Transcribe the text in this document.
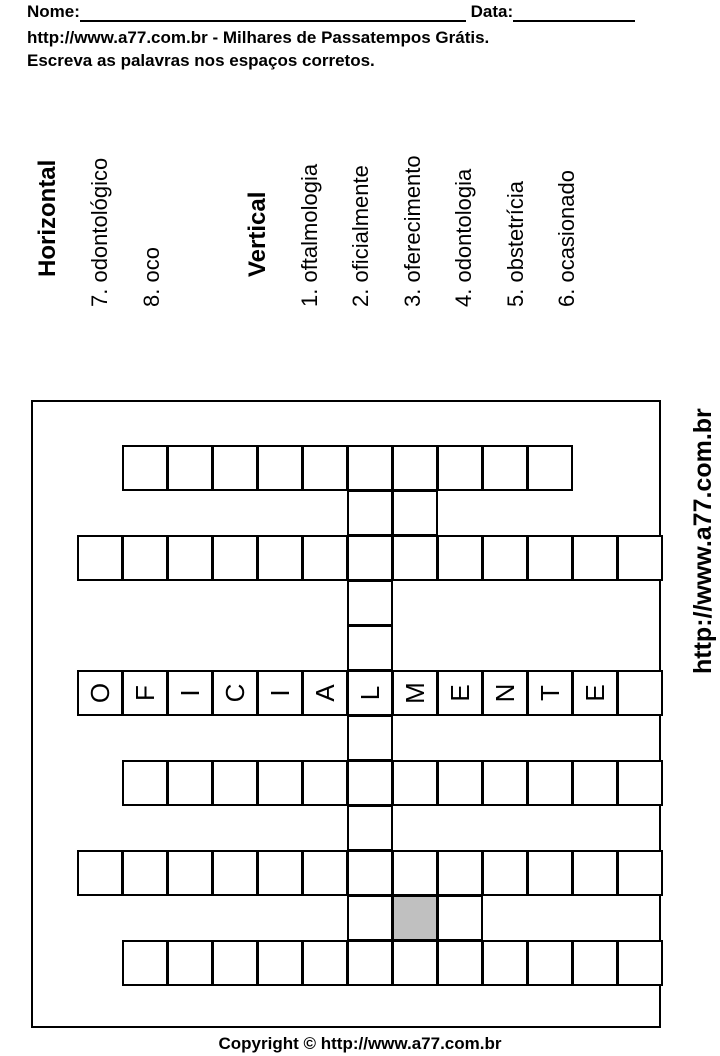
Nome:	Data:
http://www.a77.com.br - Milhares de Passatempos Grátis.
Escreva as palavras nos espaços corretos.
Horizontal 7. odontológico 8. oco
Vertical 1. oftalmologia 2. oficialmente 3. oferecimento 4. odontologia 5. obstetrícia 6. ocasionado
O F I C I A L M E N T E
http://www.a77.com.br
Copyright © http://www.a77.com.br
